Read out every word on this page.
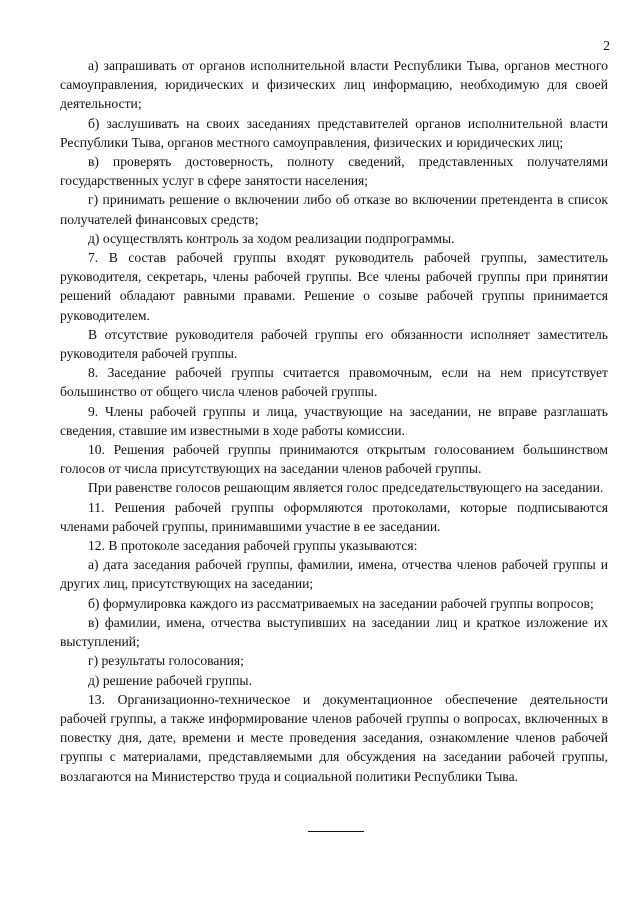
2

а) запрашивать от органов исполнительной власти Республики Тыва, органов местного самоуправления, юридических и физических лиц информацию, необходимую для своей деятельности;

б) заслушивать на своих заседаниях представителей органов исполнительной власти Республики Тыва, органов местного самоуправления, физических и юридических лиц;

в) проверять достоверность, полноту сведений, представленных получателями государственных услуг в сфере занятости населения;

г) принимать решение о включении либо об отказе во включении претендента в список получателей финансовых средств;

д) осуществлять контроль за ходом реализации подпрограммы.

7. В состав рабочей группы входят руководитель рабочей группы, заместитель руководителя, секретарь, члены рабочей группы. Все члены рабочей группы при принятии решений обладают равными правами. Решение о созыве рабочей группы принимается руководителем.

В отсутствие руководителя рабочей группы его обязанности исполняет заместитель руководителя рабочей группы.

8. Заседание рабочей группы считается правомочным, если на нем присутствует большинство от общего числа членов рабочей группы.

9. Члены рабочей группы и лица, участвующие на заседании, не вправе разглашать сведения, ставшие им известными в ходе работы комиссии.

10. Решения рабочей группы принимаются открытым голосованием большинством голосов от числа присутствующих на заседании членов рабочей группы.

При равенстве голосов решающим является голос председательствующего на заседании.

11. Решения рабочей группы оформляются протоколами, которые подписываются членами рабочей группы, принимавшими участие в ее заседании.

12. В протоколе заседания рабочей группы указываются:

а) дата заседания рабочей группы, фамилии, имена, отчества членов рабочей группы и других лиц, присутствующих на заседании;

б) формулировка каждого из рассматриваемых на заседании рабочей группы вопросов;

в) фамилии, имена, отчества выступивших на заседании лиц и краткое изложение их выступлений;

г) результаты голосования;

д) решение рабочей группы.

13. Организационно-техническое и документационное обеспечение деятельности рабочей группы, а также информирование членов рабочей группы о вопросах, включенных в повестку дня, дате, времени и месте проведения заседания, ознакомление членов рабочей группы с материалами, представляемыми для обсуждения на заседании рабочей группы, возлагаются на Министерство труда и социальной политики Республики Тыва.
